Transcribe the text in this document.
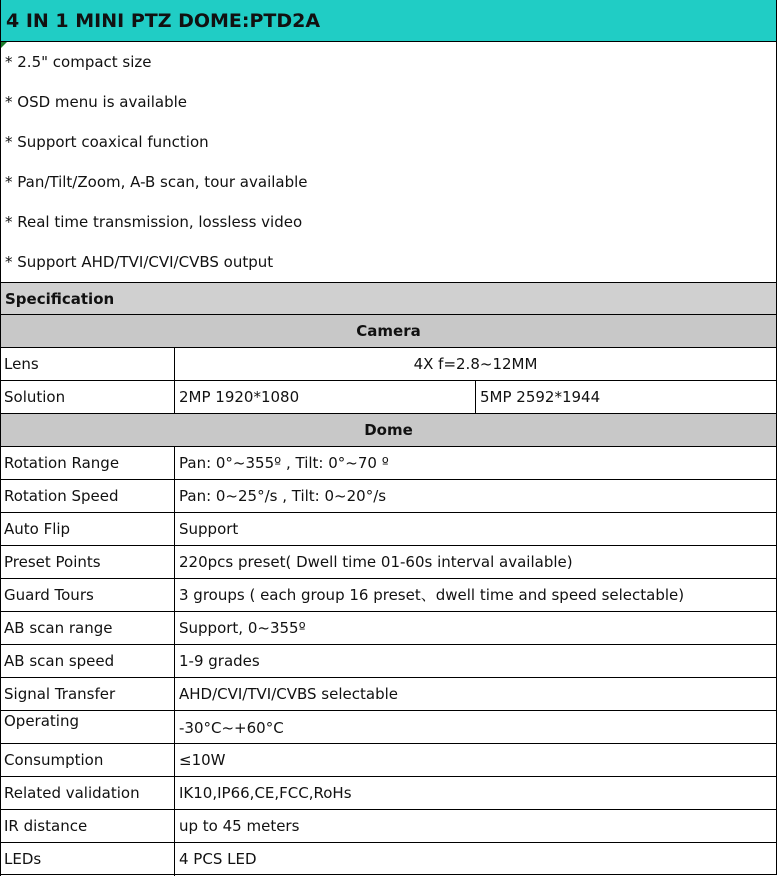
4 IN 1 MINI PTZ DOME:PTD2A
* 2.5" compact size
* OSD menu is available
* Support coaxical function
* Pan/Tilt/Zoom, A-B scan, tour available
* Real time transmission, lossless video
* Support AHD/TVI/CVI/CVBS output
Specification
Camera
Lens	4X f=2.8~12MM
Solution	2MP 1920*1080	5MP 2592*1944
Dome
Rotation Range	Pan: 0°~355º , Tilt: 0°~70 º
Rotation Speed	Pan: 0~25°/s , Tilt: 0~20°/s
Auto Flip	Support
Preset Points	220pcs preset( Dwell time 01-60s interval available)
Guard Tours	3 groups ( each group 16 preset、dwell time and speed selectable)
AB scan range	Support, 0~355º
AB scan speed	1-9 grades
Signal Transfer	AHD/CVI/TVI/CVBS selectable
Operating	-30°C~+60°C
Consumption	≤10W
Related validation	IK10,IP66,CE,FCC,RoHs
IR distance	up to 45 meters
LEDs	4 PCS LED
